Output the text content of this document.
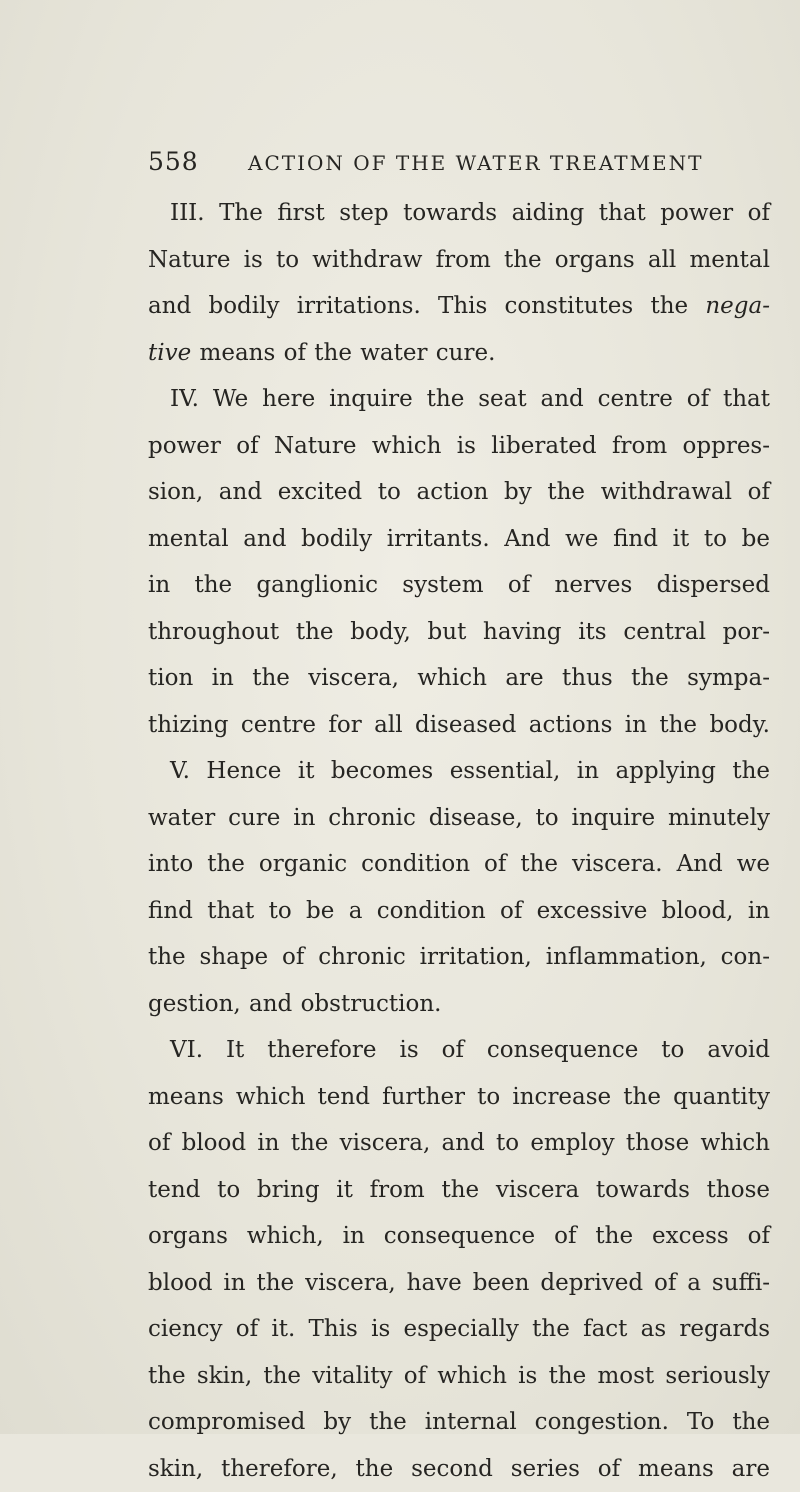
558 ACTION OF THE WATER TREATMENT
III. The first step towards aiding that power of
Nature is to withdraw from the organs all mental
and bodily irritations. This constitutes the nega-
tive means of the water cure.
IV. We here inquire the seat and centre of that
power of Nature which is liberated from oppres-
sion, and excited to action by the withdrawal of
mental and bodily irritants. And we find it to be
in the ganglionic system of nerves dispersed
throughout the body, but having its central por-
tion in the viscera, which are thus the sympa-
thizing centre for all diseased actions in the body.
V. Hence it becomes essential, in applying the
water cure in chronic disease, to inquire minutely
into the organic condition of the viscera. And we
find that to be a condition of excessive blood, in
the shape of chronic irritation, inflammation, con-
gestion, and obstruction.
VI. It therefore is of consequence to avoid
means which tend further to increase the quantity
of blood in the viscera, and to employ those which
tend to bring it from the viscera towards those
organs which, in consequence of the excess of
blood in the viscera, have been deprived of a suffi-
ciency of it. This is especially the fact as regards
the skin, the vitality of which is the most seriously
compromised by the internal congestion. To the
skin, therefore, the second series of means are
